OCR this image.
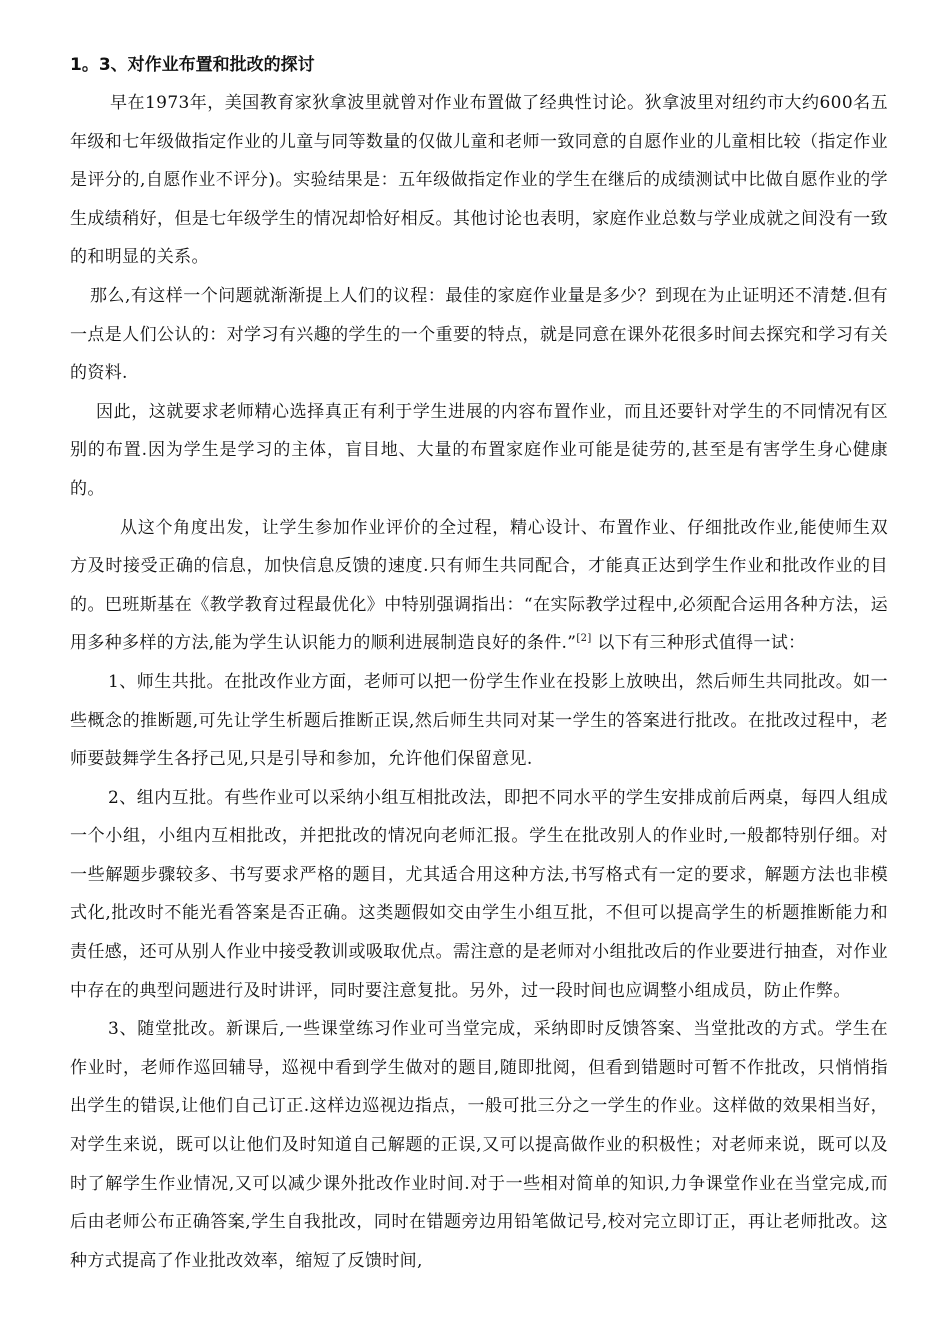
1。3、对作业布置和批改的探讨

早在1973年，美国教育家狄拿波里就曾对作业布置做了经典性讨论。狄拿波里对纽约市大约600名五年级和七年级做指定作业的儿童与同等数量的仅做儿童和老师一致同意的自愿作业的儿童相比较（指定作业是评分的,自愿作业不评分)。实验结果是：五年级做指定作业的学生在继后的成绩测试中比做自愿作业的学生成绩稍好，但是七年级学生的情况却恰好相反。其他讨论也表明，家庭作业总数与学业成就之间没有一致的和明显的关系。

那么,有这样一个问题就渐渐提上人们的议程：最佳的家庭作业量是多少？到现在为止证明还不清楚.但有一点是人们公认的：对学习有兴趣的学生的一个重要的特点，就是同意在课外花很多时间去探究和学习有关的资料.

因此，这就要求老师精心选择真正有利于学生进展的内容布置作业，而且还要针对学生的不同情况有区别的布置.因为学生是学习的主体，盲目地、大量的布置家庭作业可能是徒劳的,甚至是有害学生身心健康的。

从这个角度出发，让学生参加作业评价的全过程，精心设计、布置作业、仔细批改作业,能使师生双方及时接受正确的信息，加快信息反馈的速度.只有师生共同配合，才能真正达到学生作业和批改作业的目的。巴班斯基在《教学教育过程最优化》中特别强调指出：“在实际教学过程中,必须配合运用各种方法，运用多种多样的方法,能为学生认识能力的顺利进展制造良好的条件.”[2] 以下有三种形式值得一试：

1、师生共批。在批改作业方面，老师可以把一份学生作业在投影上放映出，然后师生共同批改。如一些概念的推断题,可先让学生析题后推断正误,然后师生共同对某一学生的答案进行批改。在批改过程中，老师要鼓舞学生各抒己见,只是引导和参加，允许他们保留意见.

2、组内互批。有些作业可以采纳小组互相批改法，即把不同水平的学生安排成前后两桌，每四人组成一个小组，小组内互相批改，并把批改的情况向老师汇报。学生在批改别人的作业时,一般都特别仔细。对一些解题步骤较多、书写要求严格的题目，尤其适合用这种方法,书写格式有一定的要求，解题方法也非模式化,批改时不能光看答案是否正确。这类题假如交由学生小组互批，不但可以提高学生的析题推断能力和责任感，还可从别人作业中接受教训或吸取优点。需注意的是老师对小组批改后的作业要进行抽查，对作业中存在的典型问题进行及时讲评，同时要注意复批。另外，过一段时间也应调整小组成员，防止作弊。

3、随堂批改。新课后,一些课堂练习作业可当堂完成，采纳即时反馈答案、当堂批改的方式。学生在作业时，老师作巡回辅导，巡视中看到学生做对的题目,随即批阅，但看到错题时可暂不作批改，只悄悄指出学生的错误,让他们自己订正.这样边巡视边指点，一般可批三分之一学生的作业。这样做的效果相当好，对学生来说，既可以让他们及时知道自己解题的正误,又可以提高做作业的积极性；对老师来说，既可以及时了解学生作业情况,又可以减少课外批改作业时间.对于一些相对简单的知识,力争课堂作业在当堂完成,而后由老师公布正确答案,学生自我批改，同时在错题旁边用铅笔做记号,校对完立即订正，再让老师批改。这种方式提高了作业批改效率，缩短了反馈时间,
